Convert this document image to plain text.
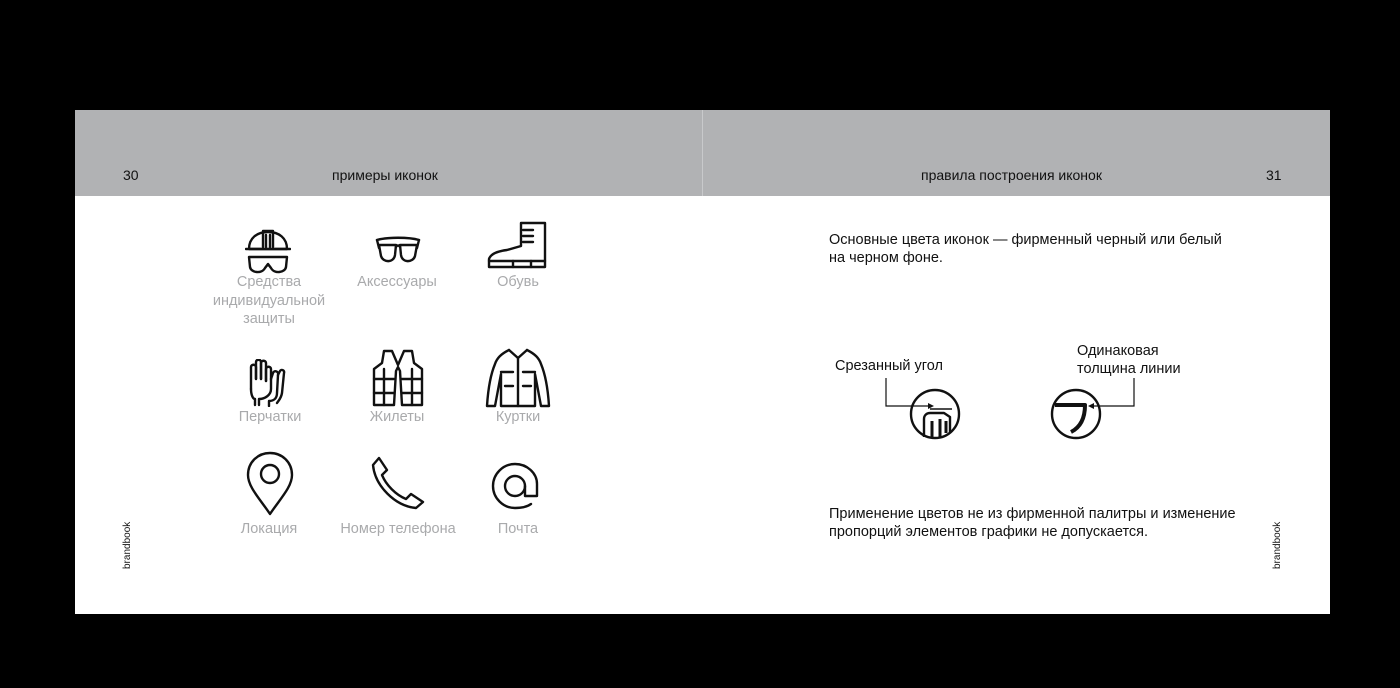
30	примеры иконок	правила построения иконок	31
brandbook	brandbook
Средства индивидуальной защиты
Аксессуары	Обувь
Перчатки	Жилеты	Куртки
Локация	Номер телефона	Почта
Основные цвета иконок — фирменный черный или белый на черном фоне.
Срезанный угол
Одинаковая толщина линии
Применение цветов не из фирменной палитры и изменение пропорций элементов графики не допускается.
